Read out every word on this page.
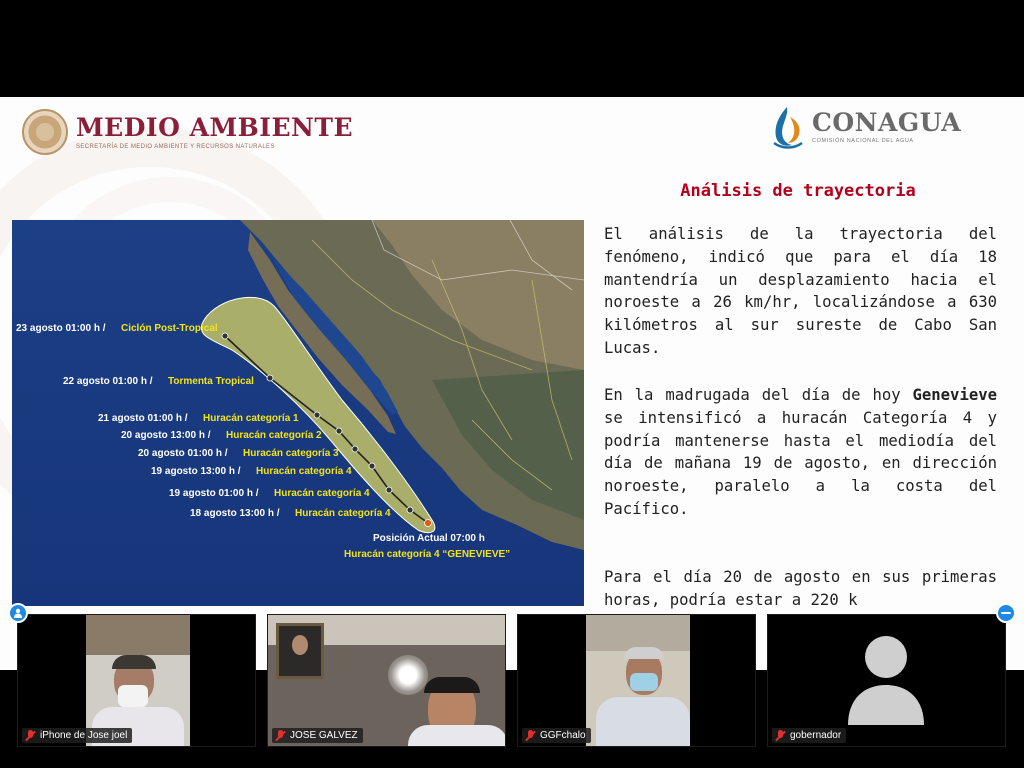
MEDIO AMBIENTE
SECRETARÍA DE MEDIO AMBIENTE Y RECURSOS NATURALES
CONAGUA
COMISIÓN NACIONAL DEL AGUA
23 agosto 01:00 h / Ciclón Post-Tropical
22 agosto 01:00 h / Tormenta Tropical
21 agosto 01:00 h / Huracán categoría 1
20 agosto 13:00 h / Huracán categoría 2
20 agosto 01:00 h / Huracán categoría 3
19 agosto 13:00 h / Huracán categoría 4
19 agosto 01:00 h / Huracán categoría 4
18 agosto 13:00 h / Huracán categoría 4
Posición Actual 07:00 h
Huracán categoría 4 “GENEVIEVE”
Análisis de trayectoria

El análisis de la trayectoria del fenómeno, indicó que para el día 18 mantendría un desplazamiento hacia el noroeste a 26 km/hr, localizándose a 630 kilómetros al sur sureste de Cabo San Lucas.

En la madrugada del día de hoy Genevieve se intensificó a huracán Categoría 4 y podría mantenerse hasta el mediodía del día de mañana 19 de agosto, en dirección noroeste, paralelo a la costa del Pacífico.

Para el día 20 de agosto en sus primeras horas, podría estar a 220 k

iPhone de Jose joel	JOSE GALVEZ	GGFchalo	gobernador
